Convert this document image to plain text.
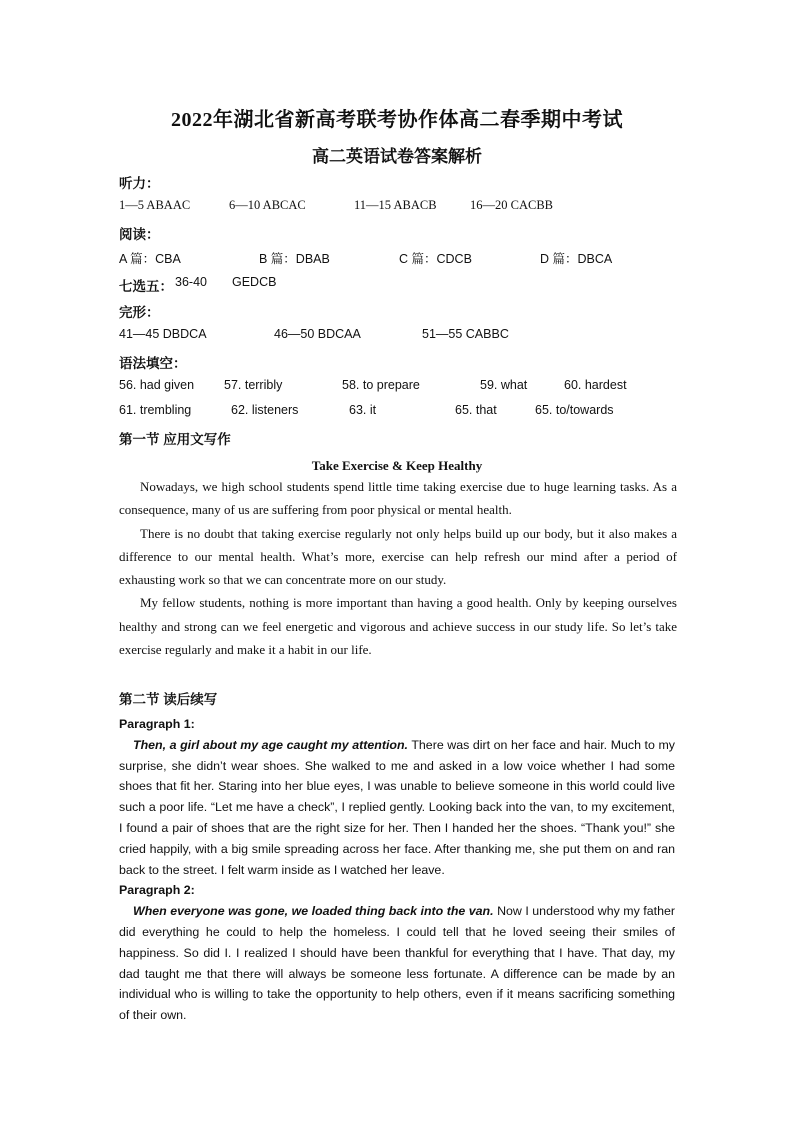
2022年湖北省新高考联考协作体高二春季期中考试
高二英语试卷答案解析
听力：
1—5 ABAAC	6—10 ABCAC	11—15 ABACB	16—20 CACBB
阅读：
A 篇：CBA	B 篇：DBAB	C 篇：CDCB	D 篇：DBCA
七选五： 36-40 GEDCB
完形：
41—45 DBDCA	46—50 BDCAA	51—55 CABBC
语法填空：
56. had given 57. terribly	58. to prepare	59. what	60. hardest
61. trembling	62. listeners	63. it	65. that	65. to/towards
第一节 应用文写作
Take Exercise & Keep Healthy

Nowadays, we high school students spend little time taking exercise due to huge learning tasks. As a consequence, many of us are suffering from poor physical or mental health.

There is no doubt that taking exercise regularly not only helps build up our body, but it also makes a difference to our mental health. What’s more, exercise can help refresh our mind after a period of exhausting work so that we can concentrate more on our study.

My fellow students, nothing is more important than having a good health. Only by keeping ourselves healthy and strong can we feel energetic and vigorous and achieve success in our study life. So let’s take exercise regularly and make it a habit in our life.

第二节 读后续写
Paragraph 1:

Then, a girl about my age caught my attention. There was dirt on her face and hair. Much to my surprise, she didn’t wear shoes. She walked to me and asked in a low voice whether I had some shoes that fit her. Staring into her blue eyes, I was unable to believe someone in this world could live such a poor life. “Let me have a check”, I replied gently. Looking back into the van, to my excitement, I found a pair of shoes that are the right size for her. Then I handed her the shoes. “Thank you!” she cried happily, with a big smile spreading across her face. After thanking me, she put them on and ran back to the street. I felt warm inside as I watched her leave.

Paragraph 2:

When everyone was gone, we loaded thing back into the van. Now I understood why my father did everything he could to help the homeless. I could tell that he loved seeing their smiles of happiness. So did I. I realized I should have been thankful for everything that I have. That day, my dad taught me that there will always be someone less fortunate. A difference can be made by an individual who is willing to take the opportunity to help others, even if it means sacrificing something of their own.
